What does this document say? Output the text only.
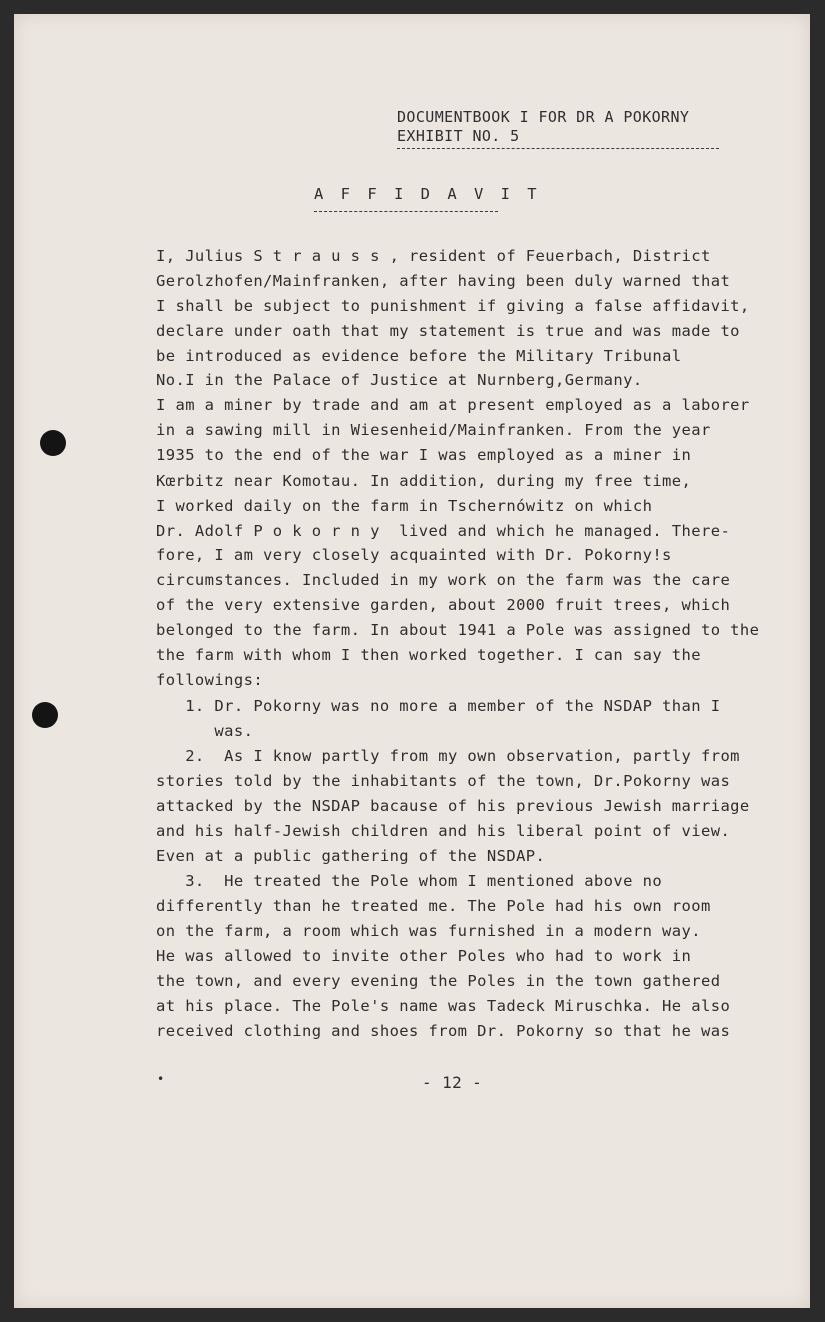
DOCUMENTBOOK I FOR DR A POKORNY
EXHIBIT NO. 5
A F F I D A V I T
I, Julius S t r a u s s , resident of Feuerbach, District
Gerolzhofen/Mainfranken, after having been duly warned that
I shall be subject to punishment if giving a false affidavit,
declare under oath that my statement is true and was made to
be introduced as evidence before the Military Tribunal
No.I in the Palace of Justice at Nurnberg,Germany.
I am a miner by trade and am at present employed as a laborer
in a sawing mill in Wiesenheid/Mainfranken. From the year
1935 to the end of the war I was employed as a miner in
Kœrbitz near Komotau. In addition, during my free time,
I worked daily on the farm in Tschernówitz on which
Dr. Adolf P o k o r n y  lived and which he managed. There-
fore, I am very closely acquainted with Dr. Pokorny!s
circumstances. Included in my work on the farm was the care
of the very extensive garden, about 2000 fruit trees, which
belonged to the farm. In about 1941 a Pole was assigned to the
the farm with whom I then worked together. I can say the
followings:
1. Dr. Pokorny was no more a member of the NSDAP than I
was.
2.  As I know partly from my own observation, partly from
stories told by the inhabitants of the town, Dr.Pokorny was
attacked by the NSDAP bacause of his previous Jewish marriage
and his half-Jewish children and his liberal point of view.
Even at a public gathering of the NSDAP.
3.  He treated the Pole whom I mentioned above no
differently than he treated me. The Pole had his own room
on the farm, a room which was furnished in a modern way.
He was allowed to invite other Poles who had to work in
the town, and every evening the Poles in the town gathered
at his place. The Pole's name was Tadeck Miruschka. He also
received clothing and shoes from Dr. Pokorny so that he was
•	- 12 -
